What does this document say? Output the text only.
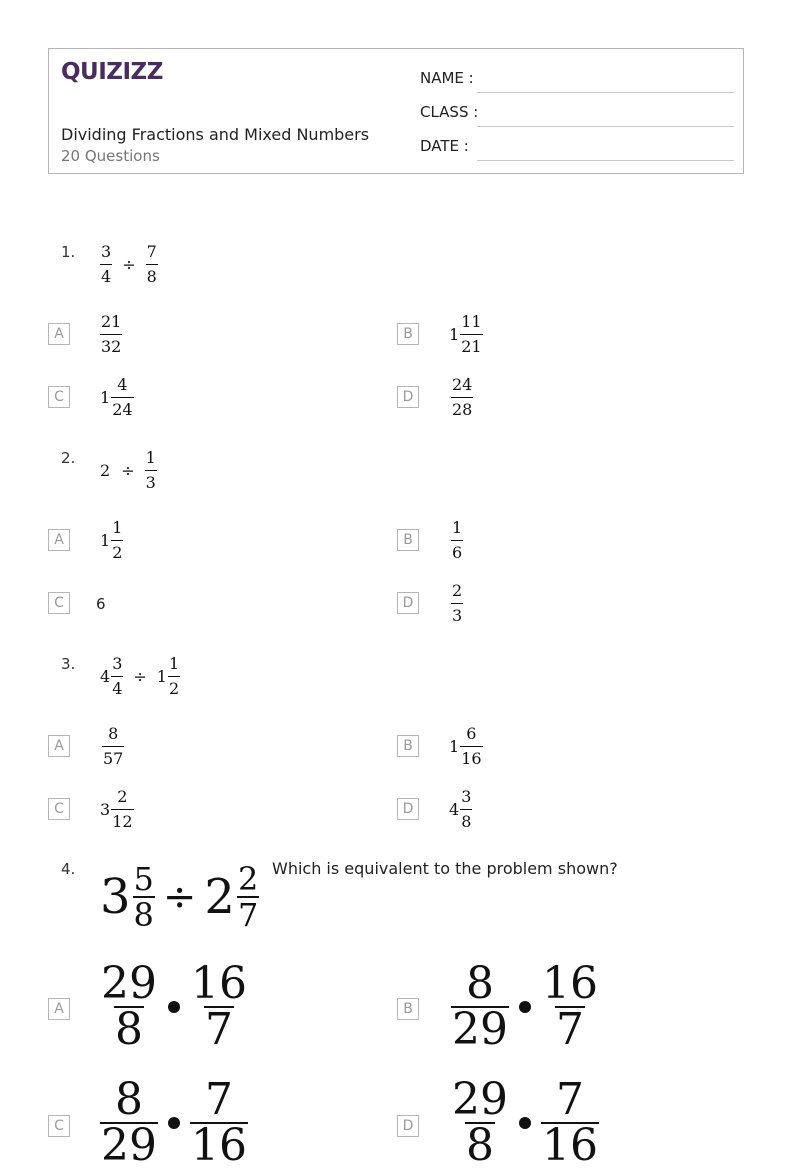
QUIZIZZ
Dividing Fractions and Mixed Numbers
20 Questions
NAME :
CLASS :
DATE :
1. $\frac{3}{4} \div \frac{7}{8}$
A	$\frac{21}{32}$	B	$1 \frac{11}{21}$
C	$1 \frac{4}{24}$	D	$\frac{24}{28}$
2.
$2 \div \frac{1}{3}$
A	$1 \frac{1}{2}$	B	$\frac{1}{6}$
C	6	D	$\frac{2}{3}$
3.
$4 \frac{3}{4} \div 1 \frac{1}{2}$
A	$\frac{8}{57}$	B	$1 \frac{6}{16}$
C	$3 \frac{2}{12}$	D	$4 \frac{3}{8}$
4.	Which is equivalent to the problem shown?
$3 \frac{5}{8} \div 2 \frac{2}{7}$
A $\frac{29}{8} \frac{16}{7}$	B $\frac{8}{29} \frac{16}{7}$
C $\frac{8}{29} \frac{7}{16}$	D $\frac{29}{8} \frac{7}{16}$
